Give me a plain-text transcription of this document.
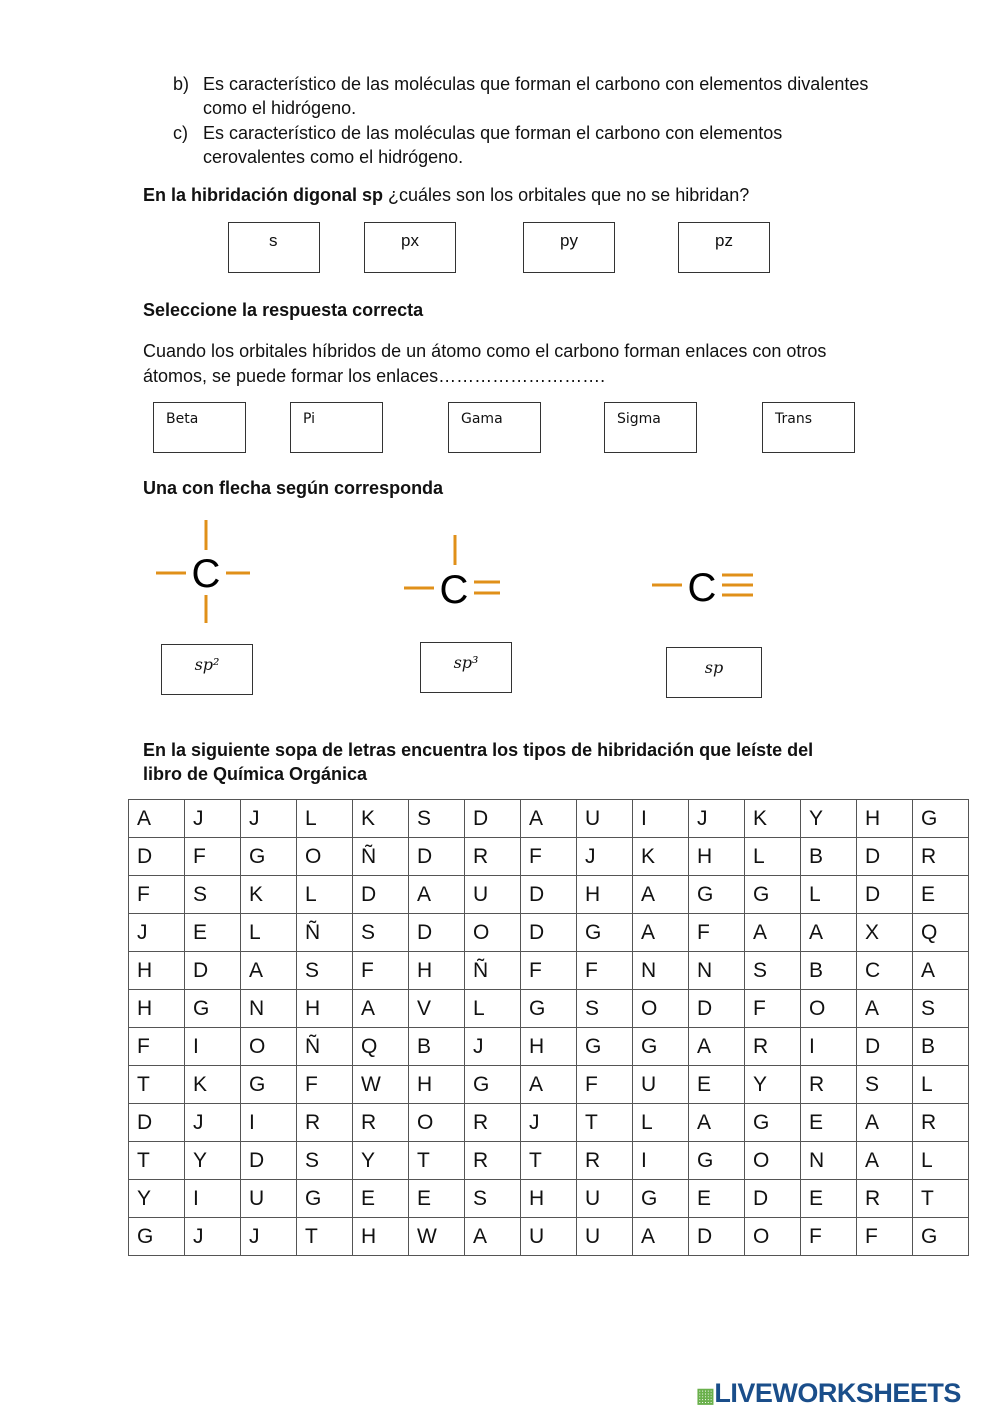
b) Es característico de las moléculas que forman el carbono con elementos divalentes como el hidrógeno.
c) Es característico de las moléculas que forman el carbono con elementos cerovalentes como el hidrógeno.
En la hibridación digonal sp ¿cuáles son los orbitales que no se hibridan?
s	px	py	pz
Seleccione la respuesta correcta
Cuando los orbitales híbridos de un átomo como el carbono forman enlaces con otros átomos, se puede formar los enlaces……………………….
Beta	Pi	Gama	Sigma	Trans
Una con flecha según corresponda
C	C	C
sp²	sp³	sp
En la siguiente sopa de letras encuentra los tipos de hibridación que leíste del libro de Química Orgánica
A	J	J	L	K	S	D	A	U	I	J	K	Y	H	G
D	F	G	O	Ñ	D	R	F	J	K	H	L	B	D	R
F	S	K	L	D	A	U	D	H	A	G	G	L	D	E
J	E	L	Ñ	S	D	O	D	G	A	F	A	A	X	Q
H	D	A	S	F	H	Ñ	F	F	N	N	S	B	C	A
H	G	N	H	A	V	L	G	S	O	D	F	O	A	S
F	I	O	Ñ	Q	B	J	H	G	G	A	R	I	D	B
T	K	G	F	W	H	G	A	F	U	E	Y	R	S	L
D	J	I	R	R	O	R	J	T	L	A	G	E	A	R
T	Y	D	S	Y	T	R	T	R	I	G	O	N	A	L
Y	I	U	G	E	E	S	H	U	G	E	D	E	R	T
G	J	J	T	H	W	A	U	U	A	D	O	F	F	G
▦LIVEWORKSHEETS
